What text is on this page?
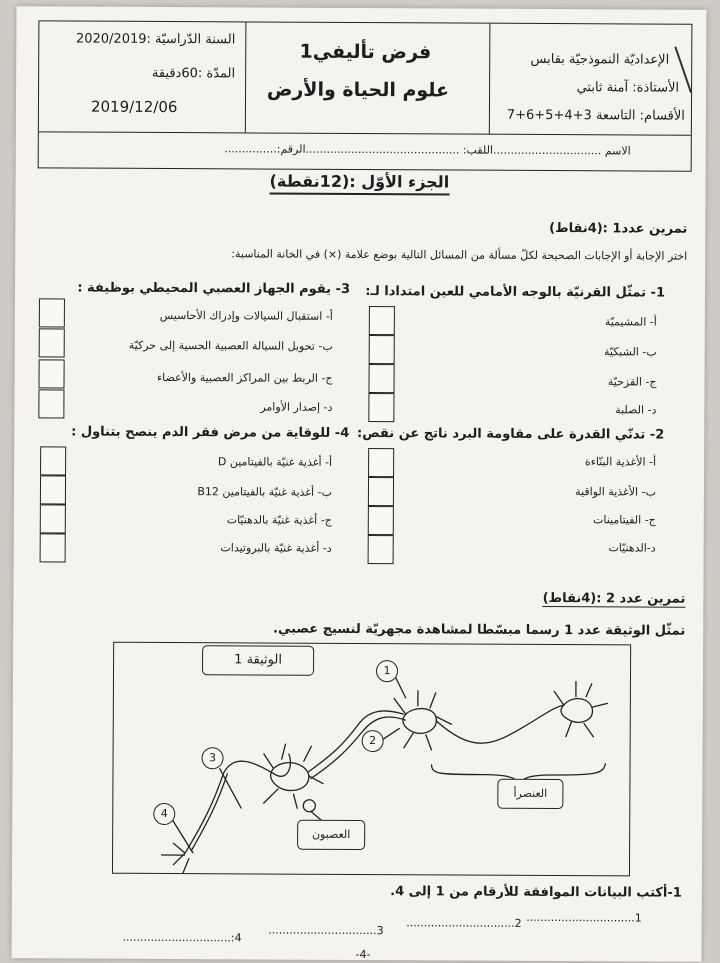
السنة الدّراسيّة :2020/2019
المدّة :60دقيقة
2019/12/06
فرض تأليفي1
علوم الحياة والأرض
الإعداديّة النموذجيّة بقابس
الأستاذة: آمنة ثابتي
الأقسام: التاسعة 3+4+5+6+7
الاسم ...............................اللقب: ............................................الرقم:...............
الجزء الأوّل :(12نقطة)
تمرين عدد1 :(4نقاط)
اختر الإجابة أو الإجابات الصحيحة لكلّ مسألة من المسائل التالية بوضع علامة (×) في الخانة المناسبة:
1- تمثّل القرنيّة بالوجه الأمامي للعين امتدادا لـ:
أ- المشيميّة
ب- الشبكيّة
ج- القزحيّة
د- الصلبة
3- يقوم الجهاز العصبي المحيطي بوظيفة :
أ- استقبال السيالات وإدراك الأحاسيس
ب- تحويل السيالة العصبية الحسية إلى حركيّة
ج- الربط بين المراكز العصبية والأعضاء
د- إصدار الأوامر
2- تدنّي القدرة على مقاومة البرد ناتج عن نقص:
أ- الأغذية البنّاءة
ب- الأغذية الواقية
ج- الفيتامينات
د-الدهنيّات
4- للوقاية من مرض فقر الدم ينصح بتناول :
أ- أغذية غنيّة بالفيتامين D
ب- أغذية غنيّة بالفيتامين B12
ج- أغذية غنيّة بالدهنيّات
د- أغذية غنيّة بالبروتيدات
تمرين عدد 2 :(4نقاط)
تمثّل الوثيقة عدد 1 رسما مبسّطا لمشاهدة مجهريّة لنسيج عصبي.
الوثيقة 1
1
2
3
4
العنصرأ
العصبون
1-أكتب البيانات الموافقة للأرقام من 1 إلى 4.
1...............................
2...............................
3...............................
4:...............................
-4-
